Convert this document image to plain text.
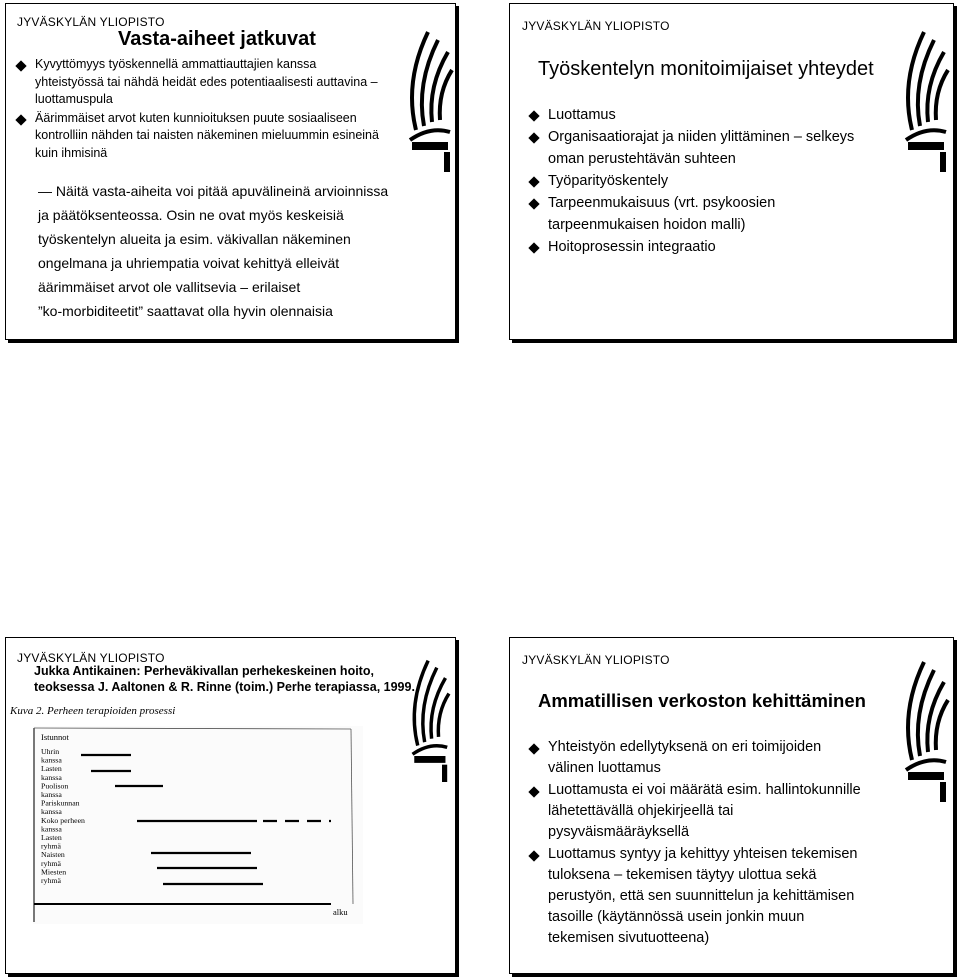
JYVÄSKYLÄN YLIOPISTO
Vasta-aiheet jatkuvat
Kyvyttömyys työskennellä ammattiauttajien kanssa
yhteistyössä tai nähdä heidät edes potentiaalisesti auttavina –
luottamuspula
Äärimmäiset arvot kuten kunnioituksen puute sosiaaliseen
kontrolliin nähden tai naisten näkeminen mieluummin esineinä
kuin ihmisinä
— Näitä vasta-aiheita voi pitää apuvälineinä arvioinnissa
ja päätöksenteossa. Osin ne ovat myös keskeisiä
työskentelyn alueita ja esim. väkivallan näkeminen
ongelmana ja uhriempatia voivat kehittyä elleivät
äärimmäiset arvot ole vallitsevia – erilaiset
”ko-morbiditeetit” saattavat olla hyvin olennaisia
JYVÄSKYLÄN YLIOPISTO
Työskentelyn monitoimijaiset yhteydet
Luottamus
Organisaatiorajat ja niiden ylittäminen – selkeys
oman perustehtävän suhteen
Työparityöskentely
Tarpeenmukaisuus (vrt. psykoosien
tarpeenmukaisen hoidon malli)
Hoitoprosessin integraatio
JYVÄSKYLÄN YLIOPISTO
Jukka Antikainen: Perheväkivallan perhekeskeinen hoito,
teoksessa J. Aaltonen & R. Rinne (toim.) Perhe terapiassa, 1999.
Kuva 2. Perheen terapioiden prosessi
Istunnot
Uhrin
kanssa
Lasten
kanssa
Puolison
kanssa
Pariskunnan
kanssa
Koko perheen
kanssa
Lasten
ryhmä
Naisten
ryhmä
Miesten
ryhmä
alku
JYVÄSKYLÄN YLIOPISTO
Ammatillisen verkoston kehittäminen
Yhteistyön edellytyksenä on eri toimijoiden
välinen luottamus
Luottamusta ei voi määrätä esim. hallintokunnille
lähetettävällä ohjekirjeellä tai
pysyväismääräyksellä
Luottamus syntyy ja kehittyy yhteisen tekemisen
tuloksena – tekemisen täytyy ulottua sekä
perustyön, että sen suunnittelun ja kehittämisen
tasoille (käytännössä usein jonkin muun
tekemisen sivutuotteena)
